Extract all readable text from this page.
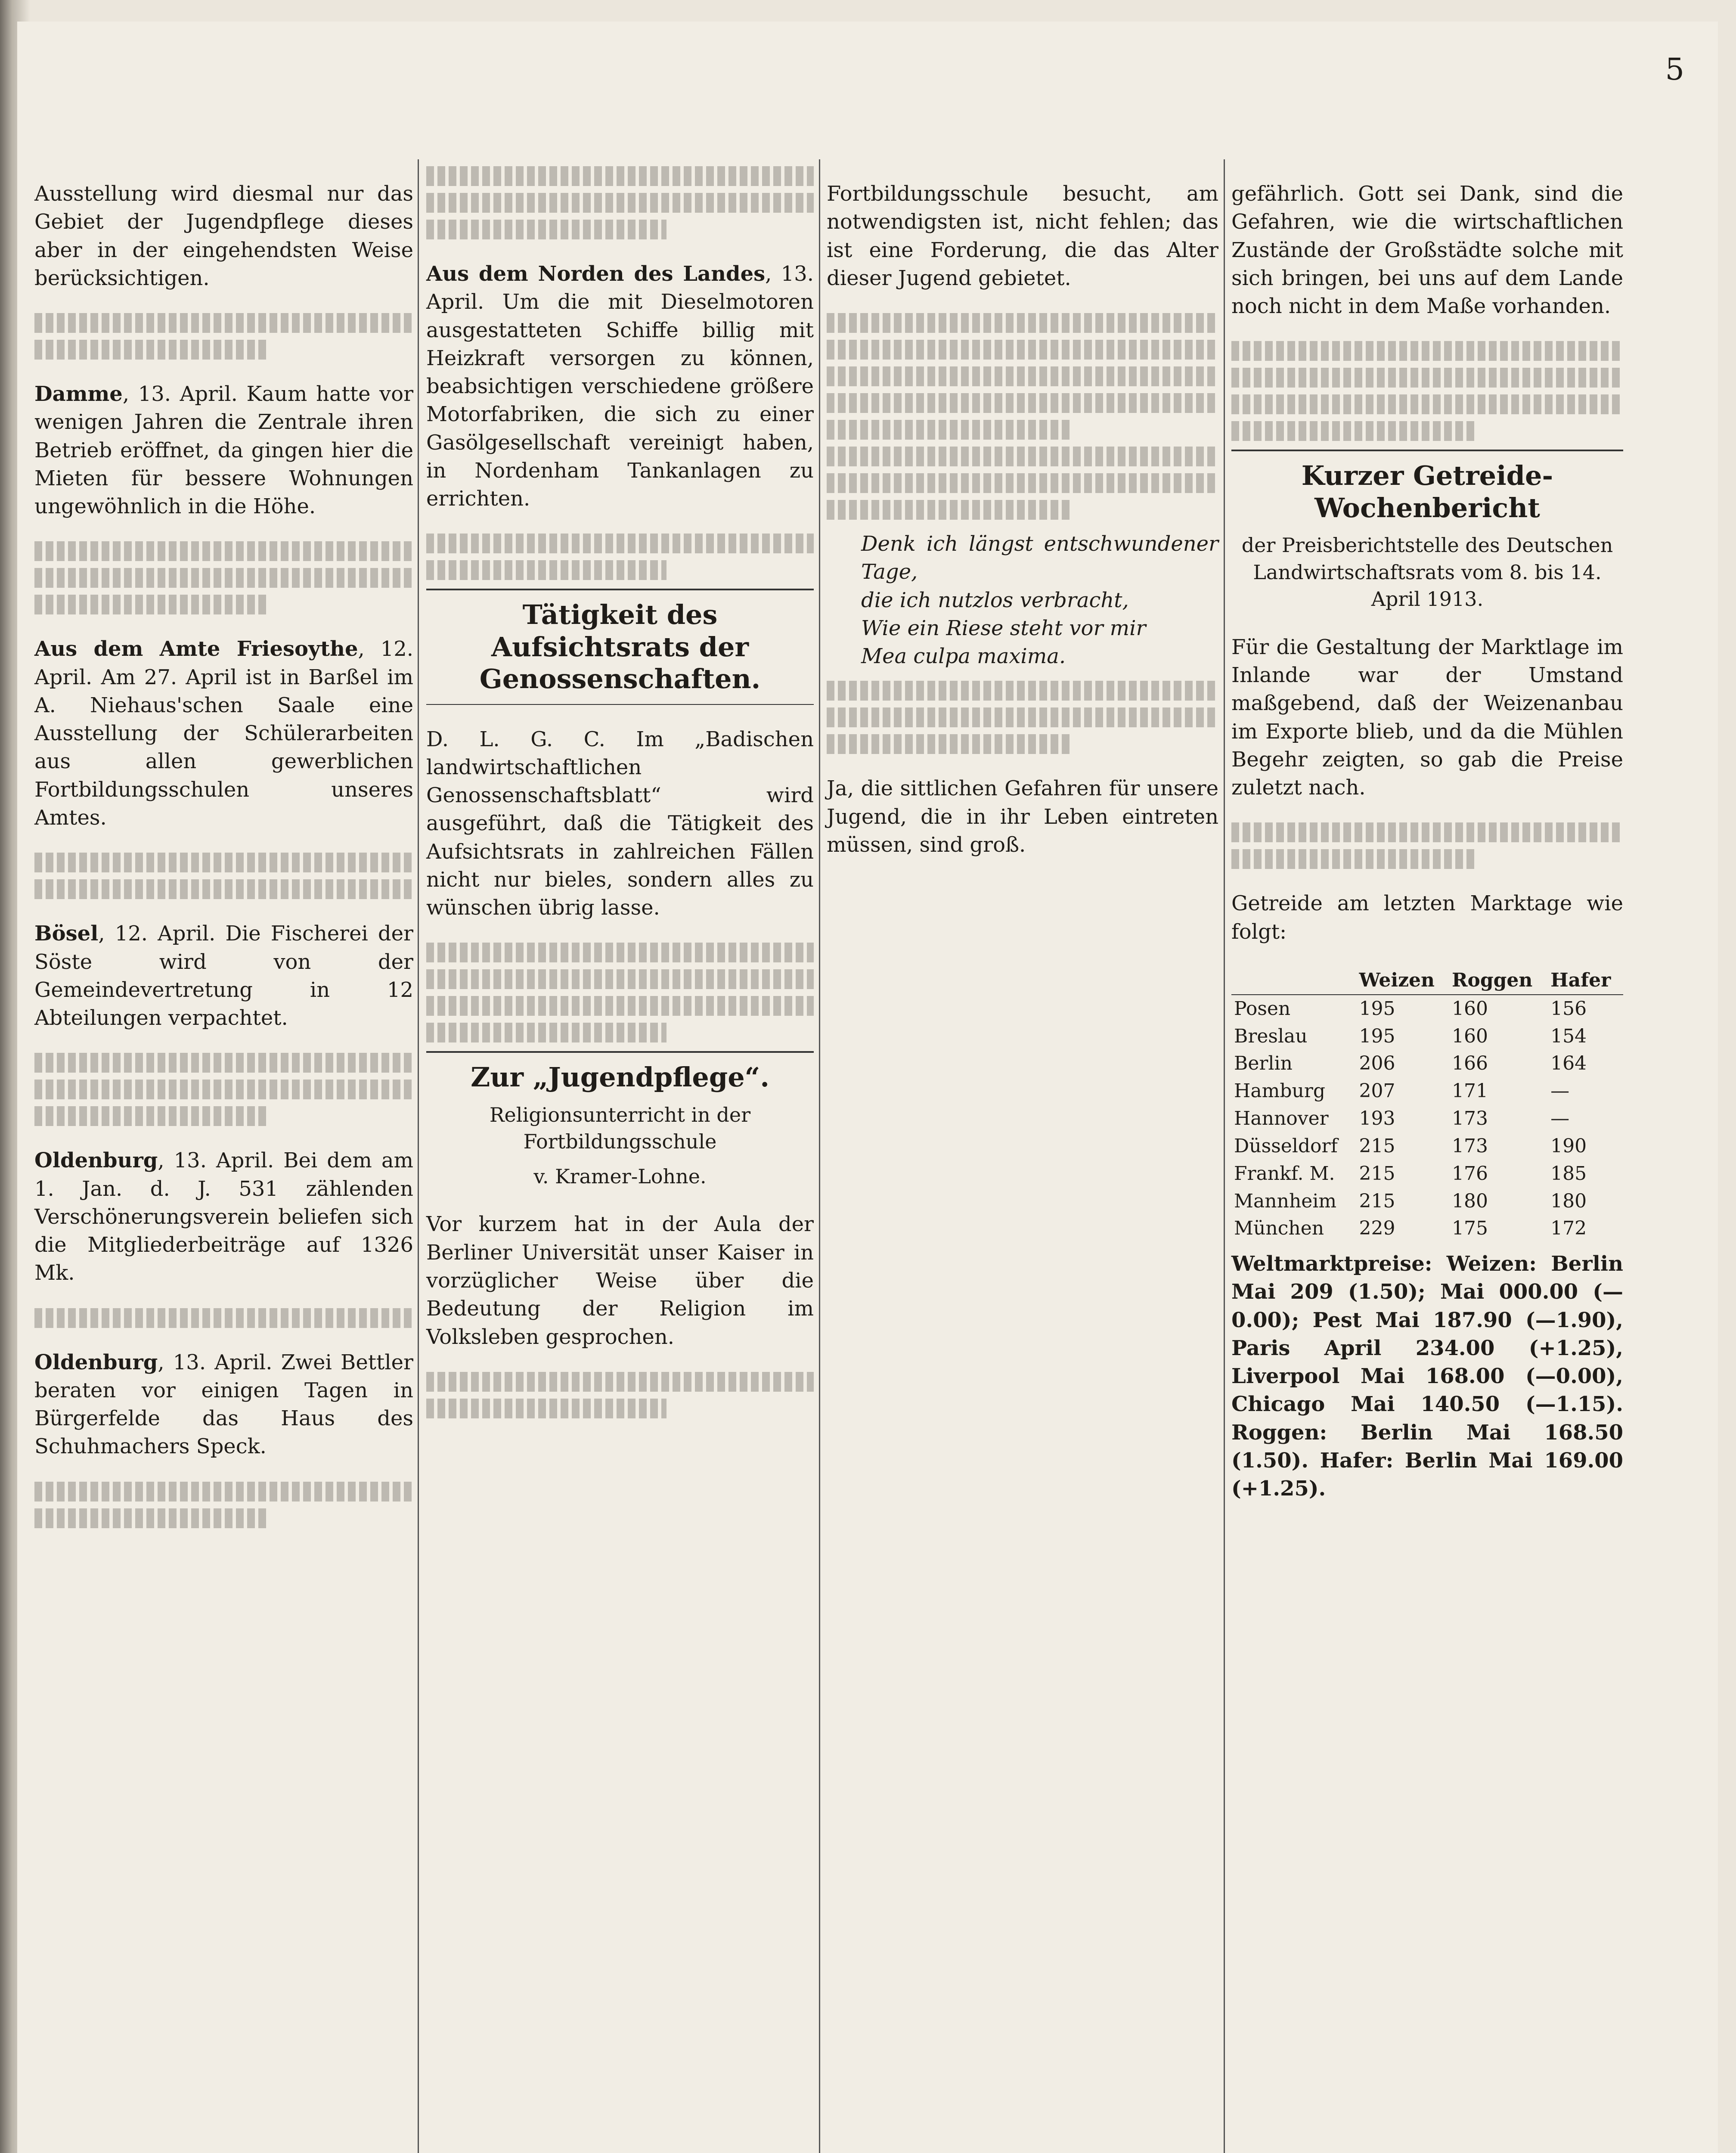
5

Ausstellung wird diesmal nur das Gebiet der Jugendpflege dieses aber in der eingehendsten Weise berücksichtigen.

Damme, 13. April. Kaum hatte vor wenigen Jahren die Zentrale ihren Betrieb eröffnet, da gingen hier die Mieten für bessere Wohnungen ungewöhnlich in die Höhe.

Aus dem Amte Friesoythe, 12. April. Am 27. April ist in Barßel im A. Niehaus'schen Saale eine Ausstellung der Schülerarbeiten aus allen gewerblichen Fortbildungsschulen unseres Amtes.

Bösel, 12. April. Die Fischerei der Söste wird von der Gemeindevertretung in 12 Abteilungen verpachtet.

Oldenburg, 13. April. Bei dem am 1. Jan. d. J. 531 zählenden Verschönerungsverein beliefen sich die Mitgliederbeiträge auf 1326 Mk.

Oldenburg, 13. April. Zwei Bettler beraten vor einigen Tagen in Bürgerfelde das Haus des Schuhmachers Speck.

Aus dem Norden des Landes, 13. April. Um die mit Dieselmotoren ausgestatteten Schiffe billig mit Heizkraft versorgen zu können, beabsichtigen verschiedene größere Motorfabriken, die sich zu einer Gasölgesellschaft vereinigt haben, in Nordenham Tankanlagen zu errichten.

Tätigkeit des Aufsichtsrats der Genossenschaften.

D. L. G. C. Im „Badischen landwirtschaftlichen Genossenschaftsblatt“ wird ausgeführt, daß die Tätigkeit des Aufsichtsrats in zahlreichen Fällen nicht nur bieles, sondern alles zu wünschen übrig lasse.

Zur „Jugendpflege“.
Religionsunterricht in der Fortbildungsschule
v. Kramer-Lohne.

Vor kurzem hat in der Aula der Berliner Universität unser Kaiser in vorzüglicher Weise über die Bedeutung der Religion im Volksleben gesprochen.

Fortbildungsschule besucht, am notwendigsten ist, nicht fehlen; das ist eine Forderung, die das Alter dieser Jugend gebietet.

Denk ich längst entschwundener Tage,
die ich nutzlos verbracht,
Wie ein Riese steht vor mir
Mea culpa maxima.

Ja, die sittlichen Gefahren für unsere Jugend, die in ihr Leben eintreten müssen, sind groß.

gefährlich. Gott sei Dank, sind die Gefahren, wie die wirtschaftlichen Zustände der Großstädte solche mit sich bringen, bei uns auf dem Lande noch nicht in dem Maße vorhanden.

Kurzer Getreide-Wochenbericht
der Preisberichtstelle des Deutschen Landwirtschaftsrats vom 8. bis 14. April 1913.

Für die Gestaltung der Marktlage im Inlande war der Umstand maßgebend, daß der Weizenanbau im Exporte blieb, und da die Mühlen Begehr zeigten, so gab die Preise zuletzt nach.

Getreide am letzten Marktage wie folgt:

	Weizen	Roggen	Hafer
Posen	195	160	156
Breslau	195	160	154
Berlin	206	166	164
Hamburg	207	171	—
Hannover	193	173	—
Düsseldorf	215	173	190
Frankf. M.	215	176	185
Mannheim	215	180	180
München	229	175	172

Weltmarktpreise: Weizen: Berlin Mai 209 (1.50); Mai 000.00 (—0.00); Pest Mai 187.90 (—1.90), Paris April 234.00 (+1.25), Liverpool Mai 168.00 (—0.00), Chicago Mai 140.50 (—1.15). Roggen: Berlin Mai 168.50 (1.50). Hafer: Berlin Mai 169.00 (+1.25).
